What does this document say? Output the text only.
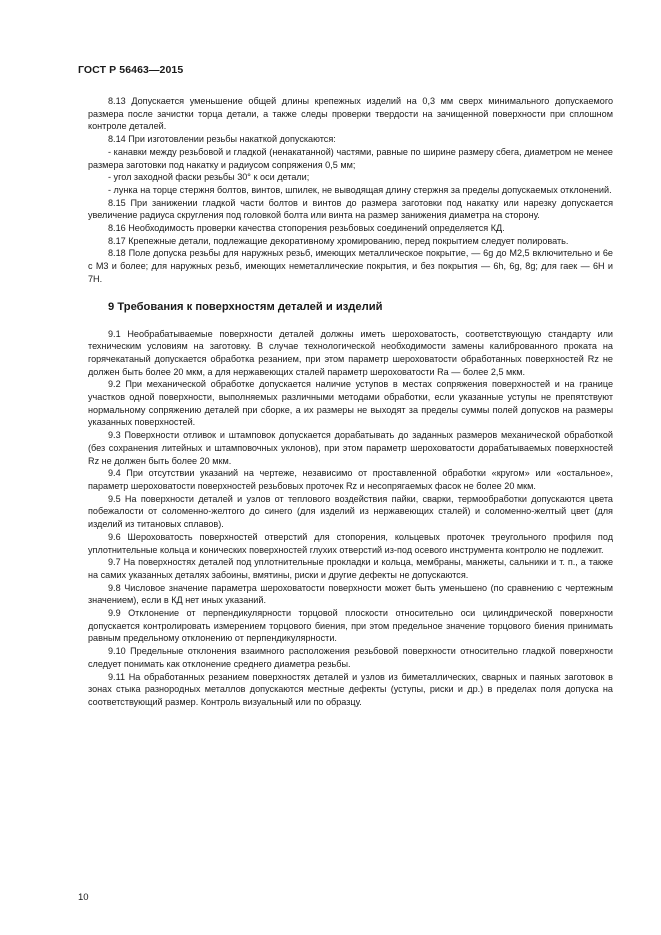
ГОСТ Р 56463—2015

8.13 Допускается уменьшение общей длины крепежных изделий на 0,3 мм сверх минимального допускаемого размера после зачистки торца детали, а также следы проверки твердости на зачищенной поверхности при сплошном контроле деталей.

8.14 При изготовлении резьбы накаткой допускаются:

- канавки между резьбовой и гладкой (ненакатанной) частями, равные по ширине размеру сбега, диаметром не менее размера заготовки под накатку и радиусом сопряжения 0,5 мм;

- угол заходной фаски резьбы 30° к оси детали;

- лунка на торце стержня болтов, винтов, шпилек, не выводящая длину стержня за пределы допускаемых отклонений.

8.15 При занижении гладкой части болтов и винтов до размера заготовки под накатку или нарезку допускается увеличение радиуса скругления под головкой болта или винта на размер занижения диаметра на сторону.

8.16 Необходимость проверки качества стопорения резьбовых соединений определяется КД.

8.17 Крепежные детали, подлежащие декоративному хромированию, перед покрытием следует полировать.

8.18 Поле допуска резьбы для наружных резьб, имеющих металлическое покрытие, — 6g до М2,5 включительно и 6е с М3 и более; для наружных резьб, имеющих неметаллические покрытия, и без покрытия — 6h, 6g, 8g; для гаек — 6Н и 7Н.

9 Требования к поверхностям деталей и изделий

9.1 Необрабатываемые поверхности деталей должны иметь шероховатость, соответствующую стандарту или техническим условиям на заготовку. В случае технологической необходимости замены калиброванного проката на горячекатаный допускается обработка резанием, при этом параметр шероховатости обработанных поверхностей Rz не должен быть более 20 мкм, а для нержавеющих сталей параметр шероховатости Ra — более 2,5 мкм.

9.2 При механической обработке допускается наличие уступов в местах сопряжения поверхностей и на границе участков одной поверхности, выполняемых различными методами обработки, если указанные уступы не препятствуют нормальному сопряжению деталей при сборке, а их размеры не выходят за пределы суммы полей допусков на размеры указанных поверхностей.

9.3 Поверхности отливок и штамповок допускается дорабатывать до заданных размеров механической обработкой (без сохранения литейных и штамповочных уклонов), при этом параметр шероховатости дорабатываемых поверхностей Rz не должен быть более 20 мкм.

9.4 При отсутствии указаний на чертеже, независимо от проставленной обработки «кругом» или «остальное», параметр шероховатости поверхностей резьбовых проточек Rz и несопрягаемых фасок не более 20 мкм.

9.5 На поверхности деталей и узлов от теплового воздействия пайки, сварки, термообработки допускаются цвета побежалости от соломенно-желтого до синего (для изделий из нержавеющих сталей) и соломенно-желтый цвет (для изделий из титановых сплавов).

9.6 Шероховатость поверхностей отверстий для стопорения, кольцевых проточек треугольного профиля под уплотнительные кольца и конических поверхностей глухих отверстий из-под осевого инструмента контролю не подлежит.

9.7 На поверхностях деталей под уплотнительные прокладки и кольца, мембраны, манжеты, сальники и т. п., а также на самих указанных деталях забоины, вмятины, риски и другие дефекты не допускаются.

9.8 Числовое значение параметра шероховатости поверхности может быть уменьшено (по сравнению с чертежным значением), если в КД нет иных указаний.

9.9 Отклонение от перпендикулярности торцовой плоскости относительно оси цилиндрической поверхности допускается контролировать измерением торцового биения, при этом предельное значение торцового биения принимать равным предельному отклонению от перпендикулярности.

9.10 Предельные отклонения взаимного расположения резьбовой поверхности относительно гладкой поверхности следует понимать как отклонение среднего диаметра резьбы.

9.11 На обработанных резанием поверхностях деталей и узлов из биметаллических, сварных и паяных заготовок в зонах стыка разнородных металлов допускаются местные дефекты (уступы, риски и др.) в пределах поля допуска на соответствующий размер. Контроль визуальный или по образцу.

10
